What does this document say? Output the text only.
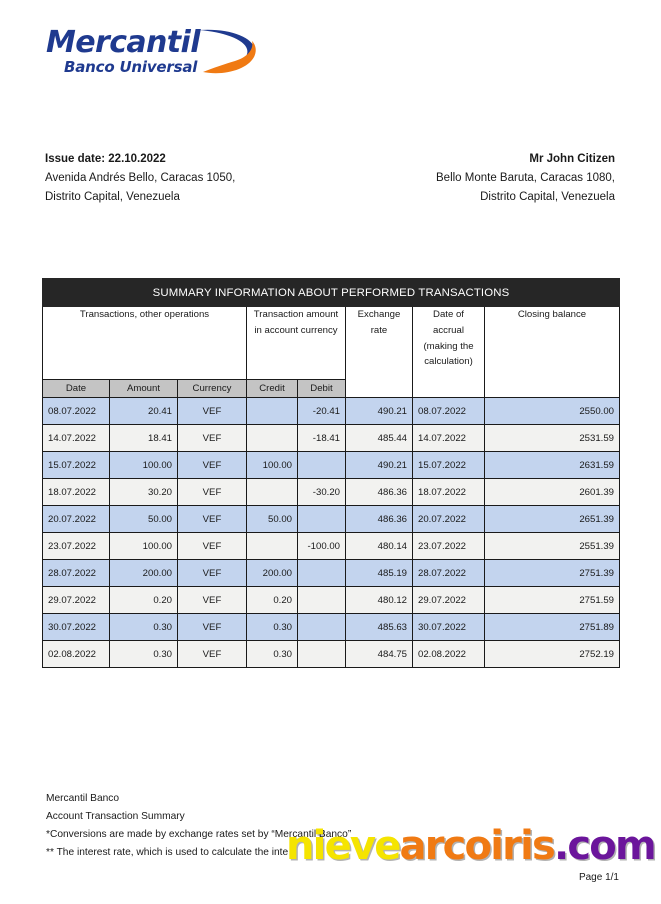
Mercantil
Banco Universal
Issue date: 22.10.2022
Avenida Andrés Bello, Caracas 1050,
Distrito Capital, Venezuela
Mr John Citizen
Bello Monte Baruta, Caracas 1080,
Distrito Capital, Venezuela
SUMMARY INFORMATION ABOUT PERFORMED TRANSACTIONS							
Transactions, other operations			Transaction amount in account currency		Exchange rate	Date of accrual (making the calculation)	Closing balance
Date	Amount	Currency	Credit	Debit			
08.07.2022	20.41	VEF		-20.41	490.21	08.07.2022	2550.00
14.07.2022	18.41	VEF		-18.41	485.44	14.07.2022	2531.59
15.07.2022	100.00	VEF	100.00		490.21	15.07.2022	2631.59
18.07.2022	30.20	VEF		-30.20	486.36	18.07.2022	2601.39
20.07.2022	50.00	VEF	50.00		486.36	20.07.2022	2651.39
23.07.2022	100.00	VEF		-100.00	480.14	23.07.2022	2551.39
28.07.2022	200.00	VEF	200.00		485.19	28.07.2022	2751.39
29.07.2022	0.20	VEF	0.20		480.12	29.07.2022	2751.59
30.07.2022	0.30	VEF	0.30		485.63	30.07.2022	2751.89
02.08.2022	0.30	VEF	0.30		484.75	02.08.2022	2752.19
Mercantil Banco
Account Transaction Summary
*Conversions are made by exchange rates set by “Mercantil Banco”
** The interest rate, which is used to calculate the inte
Page 1/1
nievearcoiris.com
